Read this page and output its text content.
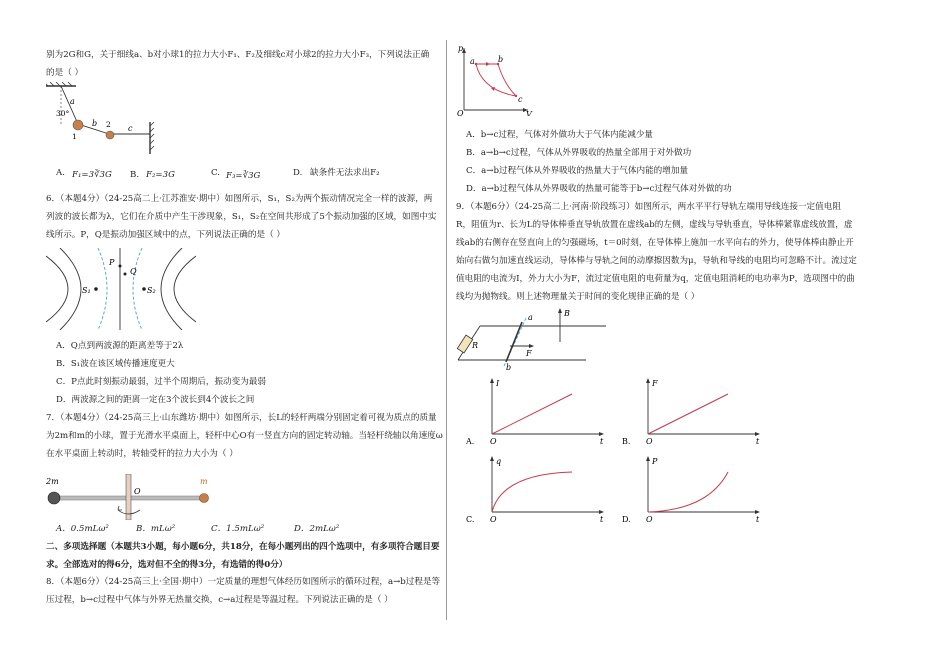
别为2G和G，关于细线a、b对小球1的拉力大小F₁、F₂及细线c对小球2的拉力大小F₃，下列说法正确
的是（ ）
a
30°
1
b 2 c
A. F₁=3∛3G B. F₂=3G	C. F₃=∛3G	D. 缺条件无法求出F₂
6．（本题4分）（24-25高二上·江苏淮安·期中）如图所示，S₁，S₂为两个振动情况完全一样的波源，两
列波的波长都为λ，它们在介质中产生干涉现象，S₁，S₂在空间共形成了5个振动加强的区域，如图中实
线所示。P，Q是振动加强区域中的点，下列说法正确的是（ ）
P
Q
S₁	S₂
A．Q点到两波源的距离差等于2λ
B．S₁波在该区域传播速度更大
C．P点此时刻振动最弱，过半个周期后，振动变为最弱
D．两波源之间的距离一定在3个波长到4个波长之间
7．（本题4分）（24-25高三上·山东潍坊·期中）如图所示，长L的轻杆两端分别固定着可视为质点的质量
为2m和m的小球，置于光滑水平桌面上，轻杆中心O有一竖直方向的固定转动轴。当轻杆绕轴以角速度ω
在水平桌面上转动时，转轴受杆的拉力大小为（ ）
2m	m
O
A．0.5mLω²	B．mLω²	C．1.5mLω²	D．2mLω²
二、多项选择题（本题共3小题，每小题6分，共18分，在每小题列出的四个选项中，有多项符合题目要
求。全部选对的得6分，选对但不全的得3分，有选错的得0分）
8．（本题6分）（24-25高三上·全国·期中）一定质量的理想气体经历如图所示的循环过程，a→b过程是等
压过程，b→c过程中气体与外界无热量交换，c→a过程是等温过程。下列说法正确的是（ ）
p
O	V
a	b
c
A．b→c过程，气体对外做功大于气体内能减少量
B．a→b→c过程，气体从外界吸收的热量全部用于对外做功
C．a→b过程气体从外界吸收的热量大于气体内能的增加量
D．a→b过程气体从外界吸收的热量可能等于b→c过程气体对外做的功
9．（本题6分）（24-25高二上·河南·阶段练习）如图所示，两水平平行导轨左端用导线连接一定值电阻
R，阻值为r、长为L的导体棒垂直导轨放置在虚线ab的左侧，虚线与导轨垂直，导体棒紧靠虚线放置，虚
线ab的右侧存在竖直向上的匀强磁场，t＝0时刻，在导体棒上施加一水平向右的外力，使导体棒由静止开
始向右做匀加速直线运动，导体棒与导轨之间的动摩擦因数为μ，导轨和导线的电阻均可忽略不计。流过定
值电阻的电流为I，外力大小为F，流过定值电阻的电荷量为q，定值电阻消耗的电功率为P，选项图中的曲
线均为抛物线。则上述物理量关于时间的变化规律正确的是（ ）
R
a
b
B
F
I
t
O
A.
F
t
O
B.
q
t
O
C.
P
t
O
D.
